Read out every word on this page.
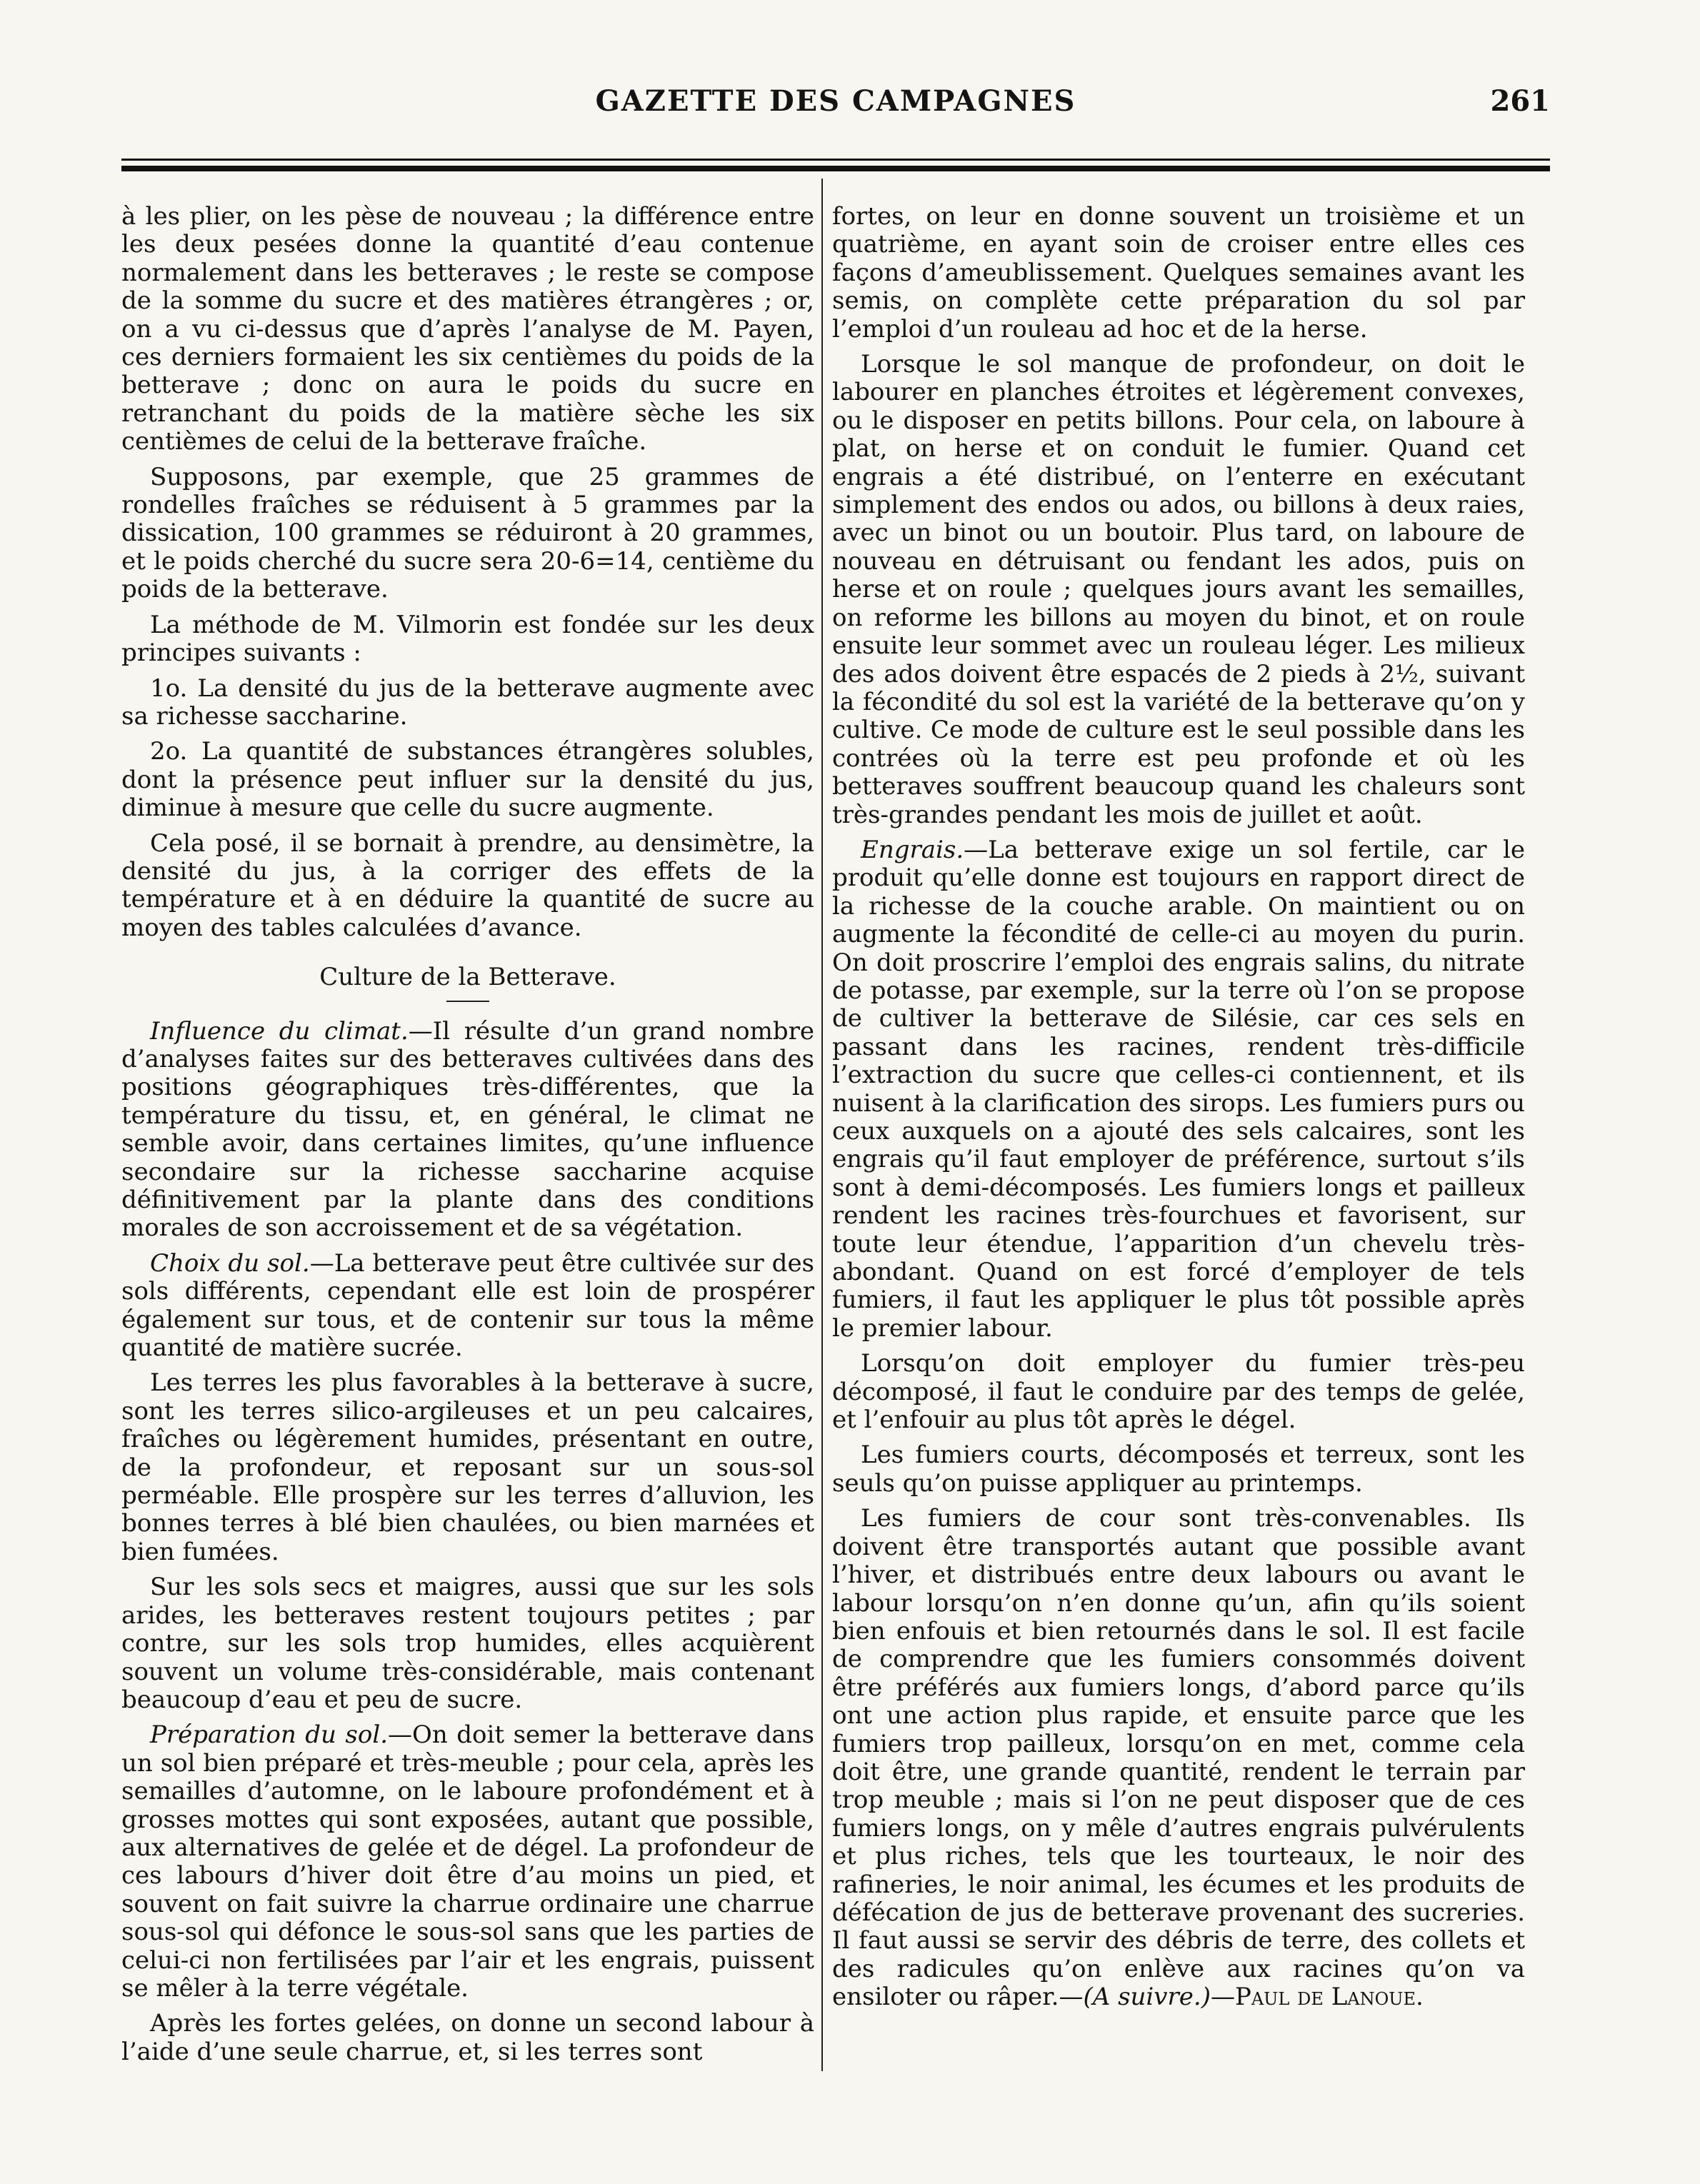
GAZETTE DES CAMPAGNES	261

à les plier, on les pèse de nouveau ; la différence entre les deux pesées donne la quantité d’eau contenue normalement dans les betteraves ; le reste se compose de la somme du sucre et des matières étrangères ; or, on a vu ci-dessus que d’après l’analyse de M. Payen, ces derniers formaient les six centièmes du poids de la betterave ; donc on aura le poids du sucre en retranchant du poids de la matière sèche les six centièmes de celui de la betterave fraîche.

Supposons, par exemple, que 25 grammes de rondelles fraîches se réduisent à 5 grammes par la dissication, 100 grammes se réduiront à 20 grammes, et le poids cherché du sucre sera 20-6=14, centième du poids de la betterave.

La méthode de M. Vilmorin est fondée sur les deux principes suivants :

1o. La densité du jus de la betterave augmente avec sa richesse saccharine.

2o. La quantité de substances étrangères solubles, dont la présence peut influer sur la densité du jus, diminue à mesure que celle du sucre augmente.

Cela posé, il se bornait à prendre, au densimètre, la densité du jus, à la corriger des effets de la température et à en déduire la quantité de sucre au moyen des tables calculées d’avance.

Culture de la Betterave.

Influence du climat.—Il résulte d’un grand nombre d’analyses faites sur des betteraves cultivées dans des positions géographiques très-différentes, que la température du tissu, et, en général, le climat ne semble avoir, dans certaines limites, qu’une influence secondaire sur la richesse saccharine acquise définitivement par la plante dans des conditions morales de son accroissement et de sa végétation.

Choix du sol.—La betterave peut être cultivée sur des sols différents, cependant elle est loin de prospérer également sur tous, et de contenir sur tous la même quantité de matière sucrée.

Les terres les plus favorables à la betterave à sucre, sont les terres silico-argileuses et un peu calcaires, fraîches ou légèrement humides, présentant en outre, de la profondeur, et reposant sur un sous-sol perméable. Elle prospère sur les terres d’alluvion, les bonnes terres à blé bien chaulées, ou bien marnées et bien fumées.

Sur les sols secs et maigres, aussi que sur les sols arides, les betteraves restent toujours petites ; par contre, sur les sols trop humides, elles acquièrent souvent un volume très-considérable, mais contenant beaucoup d’eau et peu de sucre.

Préparation du sol.—On doit semer la betterave dans un sol bien préparé et très-meuble ; pour cela, après les semailles d’automne, on le laboure profondément et à grosses mottes qui sont exposées, autant que possible, aux alternatives de gelée et de dégel. La profondeur de ces labours d’hiver doit être d’au moins un pied, et souvent on fait suivre la charrue ordinaire une charrue sous-sol qui défonce le sous-sol sans que les parties de celui-ci non fertilisées par l’air et les engrais, puissent se mêler à la terre végétale.

Après les fortes gelées, on donne un second labour à l’aide d’une seule charrue, et, si les terres sont

fortes, on leur en donne souvent un troisième et un quatrième, en ayant soin de croiser entre elles ces façons d’ameublissement. Quelques semaines avant les semis, on complète cette préparation du sol par l’emploi d’un rouleau ad hoc et de la herse.

Lorsque le sol manque de profondeur, on doit le labourer en planches étroites et légèrement convexes, ou le disposer en petits billons. Pour cela, on laboure à plat, on herse et on conduit le fumier. Quand cet engrais a été distribué, on l’enterre en exécutant simplement des endos ou ados, ou billons à deux raies, avec un binot ou un boutoir. Plus tard, on laboure de nouveau en détruisant ou fendant les ados, puis on herse et on roule ; quelques jours avant les semailles, on reforme les billons au moyen du binot, et on roule ensuite leur sommet avec un rouleau léger. Les milieux des ados doivent être espacés de 2 pieds à 2½, suivant la fécondité du sol est la variété de la betterave qu’on y cultive. Ce mode de culture est le seul possible dans les contrées où la terre est peu profonde et où les betteraves souffrent beaucoup quand les chaleurs sont très-grandes pendant les mois de juillet et août.

Engrais.—La betterave exige un sol fertile, car le produit qu’elle donne est toujours en rapport direct de la richesse de la couche arable. On maintient ou on augmente la fécondité de celle-ci au moyen du purin. On doit proscrire l’emploi des engrais salins, du nitrate de potasse, par exemple, sur la terre où l’on se propose de cultiver la betterave de Silésie, car ces sels en passant dans les racines, rendent très-difficile l’extraction du sucre que celles-ci contiennent, et ils nuisent à la clarification des sirops. Les fumiers purs ou ceux auxquels on a ajouté des sels calcaires, sont les engrais qu’il faut employer de préférence, surtout s’ils sont à demi-décomposés. Les fumiers longs et pailleux rendent les racines très-fourchues et favorisent, sur toute leur étendue, l’apparition d’un chevelu très-abondant. Quand on est forcé d’employer de tels fumiers, il faut les appliquer le plus tôt possible après le premier labour.

Lorsqu’on doit employer du fumier très-peu décomposé, il faut le conduire par des temps de gelée, et l’enfouir au plus tôt après le dégel.

Les fumiers courts, décomposés et terreux, sont les seuls qu’on puisse appliquer au printemps.

Les fumiers de cour sont très-convenables. Ils doivent être transportés autant que possible avant l’hiver, et distribués entre deux labours ou avant le labour lorsqu’on n’en donne qu’un, afin qu’ils soient bien enfouis et bien retournés dans le sol. Il est facile de comprendre que les fumiers consommés doivent être préférés aux fumiers longs, d’abord parce qu’ils ont une action plus rapide, et ensuite parce que les fumiers trop pailleux, lorsqu’on en met, comme cela doit être, une grande quantité, rendent le terrain par trop meuble ; mais si l’on ne peut disposer que de ces fumiers longs, on y mêle d’autres engrais pulvérulents et plus riches, tels que les tourteaux, le noir des rafineries, le noir animal, les écumes et les produits de défécation de jus de betterave provenant des sucreries. Il faut aussi se servir des débris de terre, des collets et des radicules qu’on enlève aux racines qu’on va ensiloter ou râper.—(A suivre.)—Paul de Lanoue.
